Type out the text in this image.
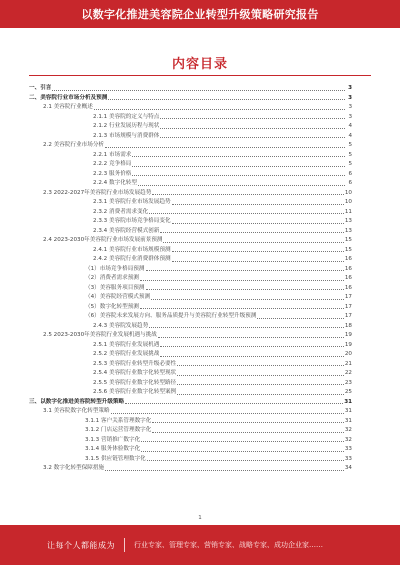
以数字化推进美容院企业转型升级策略研究报告
内容目录
一、引言	3
二、美容院行业市场分析及预测	3
2.1 美容院行业概述	3
2.1.1 美容院的定义与特点	3
2.1.2 行业发展历程与现状	4
2.1.3 市场规模与消费群体	4
2.2 美容院行业市场分析	5
2.2.1 市场需求	5
2.2.2 竞争格局	5
2.2.3 服务价格	6
2.2.4 数字化转型	6
2.3 2022-2027年美容院行业市场发展趋势	10
2.3.1 美容院行业市场发展趋势	10
2.3.2 消费者需求变化	11
2.3.3 美容院市场竞争格局变化	13
2.3.4 美容院经营模式创新	13
2.4 2023-2030年美容院行业市场发展前景预测	15
2.4.1 美容院行业市场规模预测	15
2.4.2 美容院行业消费群体预测	16
（1）市场竞争格局预测	16
（2）消费者需求预测	16
（3）美容服务项目预测	16
（4）美容院经营模式预测	17
（5）数字化转型预测	17
（6）美容院未来发展方向、服务品质提升与美容院行业转型升级预测	17
2.4.3 美容院发展趋势	18
2.5 2023-2030年美容院行业发展机遇与挑战	19
2.5.1 美容院行业发展机遇	19
2.5.2 美容院行业发展挑战	20
2.5.3 美容院行业转型升级必要性	21
2.5.4 美容院行业数字化转型现状	22
2.5.5 美容院行业数字化转型路径	23
2.5.6 美容院行业数字化转型案例	25
三、以数字化推进美容院转型升级策略	31
3.1 美容院数字化转型策略	31
3.1.1 客户关系管理数字化	31
3.1.2 门店运营管理数字化	32
3.1.3 营销推广数字化	32
3.1.4 服务体验数字化	33
3.1.5 供应链管理数字化	33
3.2 数字化转型保障措施	34
1
让每个人都能成为	行业专家、管理专家、营销专家、战略专家、成功企业家……
